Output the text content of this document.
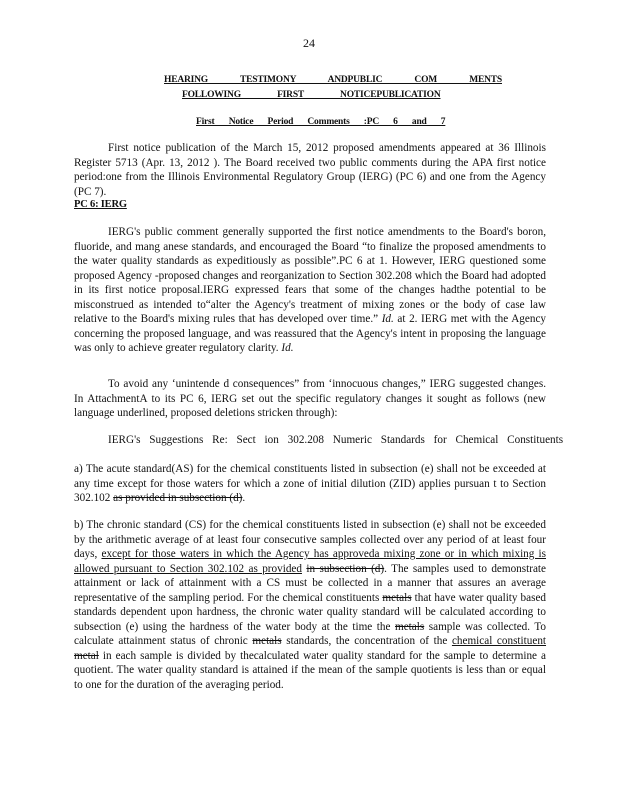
24
HEARING TESTIMONY ANDPUBLIC COM MENTS
FOLLOWING FIRST NOTICEPUBLICATION
First Notice Period Comments :PC 6 and 7

First notice publication of the March 15, 2012 proposed amendments appeared at 36 Illinois Register 5713 (Apr. 13, 2012 ). The Board received two public comments during the APA first notice period:one from the Illinois Environmental Regulatory Group (IERG) (PC 6) and one from the Agency (PC 7).

PC 6: IERG

IERG's public comment generally supported the first notice amendments to the Board's boron, fluoride, and mang anese standards, and encouraged the Board “to finalize the proposed amendments to the water quality standards as expeditiously as possible”.PC 6 at 1. However, IERG questioned some proposed Agency -proposed changes and reorganization to Section 302.208 which the Board had adopted in its first notice proposal.IERG expressed fears that some of the changes hadthe potential to be misconstrued as intended to“alter the Agency's treatment of mixing zones or the body of case law relative to the Board's mixing rules that has developed over time.” Id. at 2. IERG met with the Agency concerning the proposed language, and was reassured that the Agency's intent in proposing the language was only to achieve greater regulatory clarity. Id.

To avoid any ‘unintende d consequences” from ‘innocuous changes,” IERG suggested changes. In AttachmentA to its PC 6, IERG set out the specific regulatory changes it sought as follows (new language underlined, proposed deletions stricken through):

IERG's Suggestions Re: Sect ion 302.208 Numeric Standards for Chemical Constituents

a) The acute standard(AS) for the chemical constituents listed in subsection (e) shall not be exceeded at any time except for those waters for which a zone of initial dilution (ZID) applies pursuan t to Section 302.102 as provided in subsection (d).

b) The chronic standard (CS) for the chemical constituents listed in subsection (e) shall not be exceeded by the arithmetic average of at least four consecutive samples collected over any period of at least four days, except for those waters in which the Agency has approveda mixing zone or in which mixing is allowed pursuant to Section 302.102 as provided in subsection (d). The samples used to demonstrate attainment or lack of attainment with a CS must be collected in a manner that assures an average representative of the sampling period. For the chemical constituents metals that have water quality based standards dependent upon hardness, the chronic water quality standard will be calculated according to subsection (e) using the hardness of the water body at the time the metals sample was collected. To calculate attainment status of chronic metals standards, the concentration of the chemical constituent metal in each sample is divided by thecalculated water quality standard for the sample to determine a quotient. The water quality standard is attained if the mean of the sample quotients is less than or equal to one for the duration of the averaging period.
